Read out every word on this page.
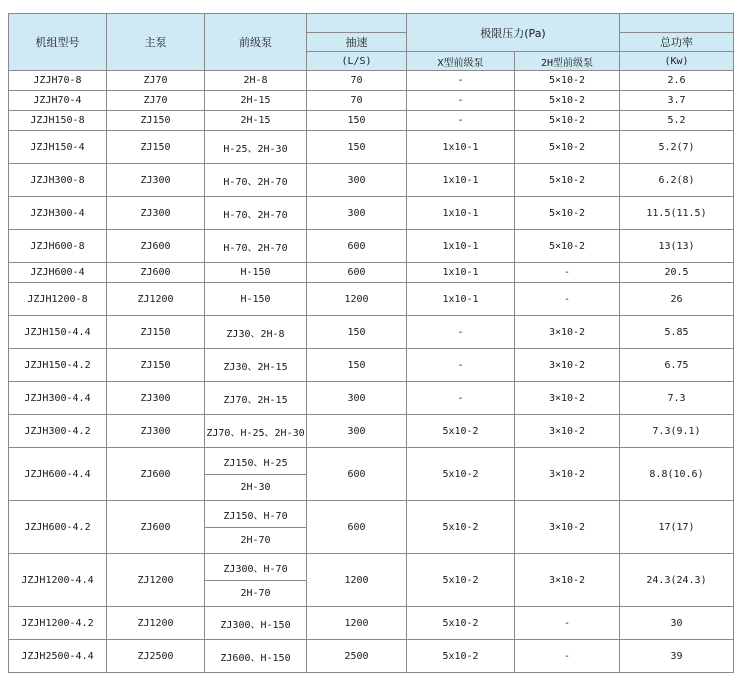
机组型号	主泵	前级泵		极限压力(Pa)		
			抽速			总功率
			(L/S)	X型前级泵	2H型前级泵	(Kw)
JZJH70-8	ZJ70	2H-8	70	-	5×10-2	2.6
JZJH70-4	ZJ70	2H-15	70	-	5×10-2	3.7
JZJH150-8	ZJ150	2H-15	150	-	5×10-2	5.2
JZJH150-4	ZJ150	H-25、2H-30	150	1x10-1	5×10-2	5.2(7)
JZJH300-8	ZJ300	H-70、2H-70	300	1x10-1	5×10-2	6.2(8)
JZJH300-4	ZJ300	H-70、2H-70	300	1x10-1	5×10-2	11.5(11.5)
JZJH600-8	ZJ600	H-70、2H-70	600	1x10-1	5×10-2	13(13)
JZJH600-4	ZJ600	H-150	600	1x10-1	-	20.5
JZJH1200-8	ZJ1200	H-150	1200	1x10-1	-	26
JZJH150-4.4	ZJ150	ZJ30、2H-8	150	-	3×10-2	5.85
JZJH150-4.2	ZJ150	ZJ30、2H-15	150	-	3×10-2	6.75
JZJH300-4.4	ZJ300	ZJ70、2H-15	300	-	3×10-2	7.3
JZJH300-4.2	ZJ300	ZJ70、H-25、2H-30	300	5x10-2	3×10-2	7.3(9.1)
JZJH600-4.4	ZJ600	ZJ150、H-25	600	5x10-2	3×10-2	8.8(10.6)
		2H-30				
JZJH600-4.2	ZJ600	ZJ150、H-70	600	5x10-2	3×10-2	17(17)
		2H-70				
JZJH1200-4.4	ZJ1200	ZJ300、H-70	1200	5x10-2	3×10-2	24.3(24.3)
		2H-70				
JZJH1200-4.2	ZJ1200	ZJ300、H-150	1200	5x10-2	-	30
JZJH2500-4.4	ZJ2500	ZJ600、H-150	2500	5x10-2	-	39
